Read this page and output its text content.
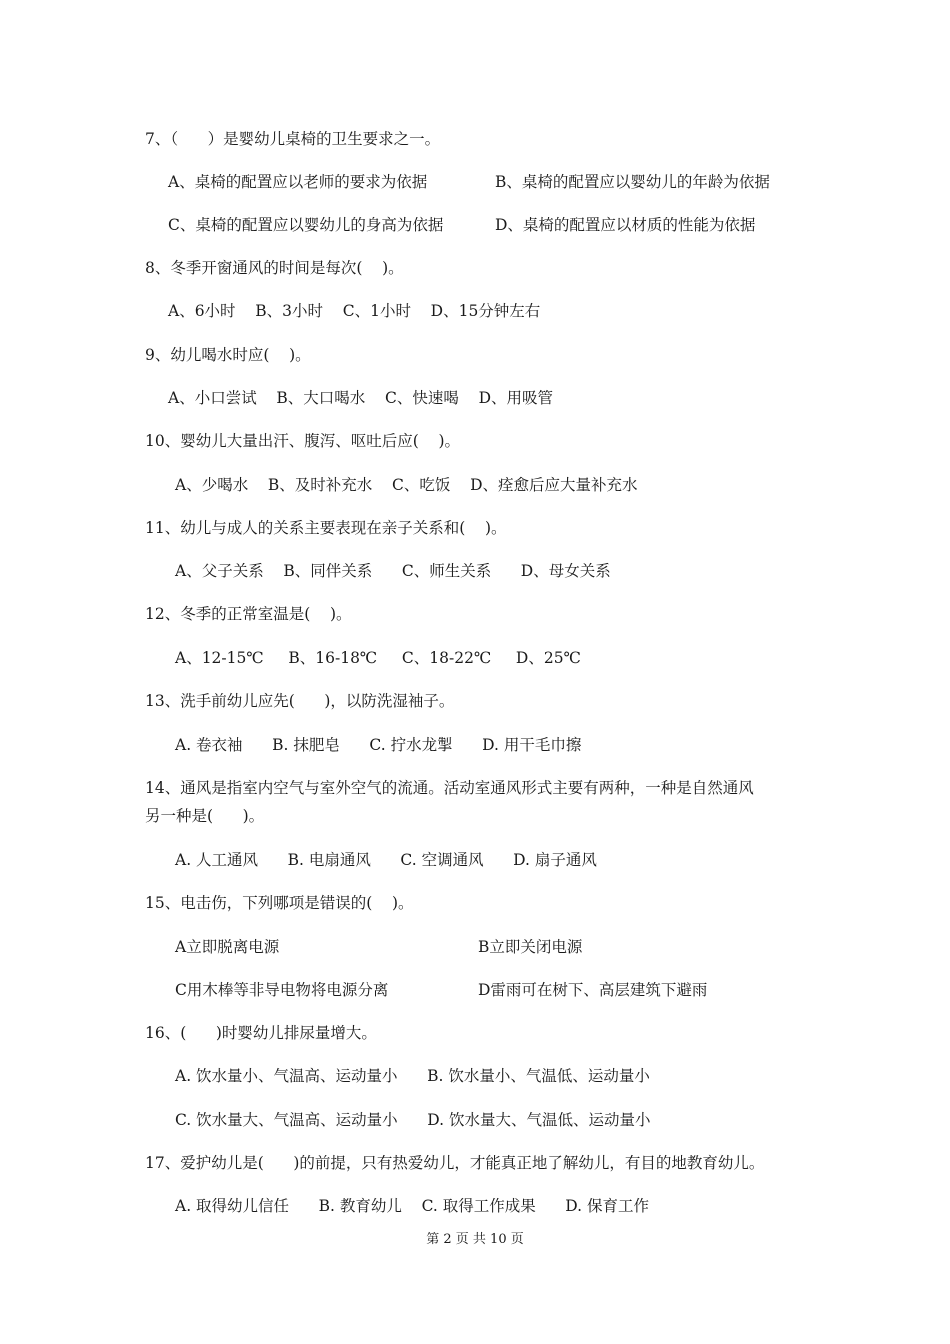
7、（      ）是婴幼儿桌椅的卫生要求之一。
A、桌椅的配置应以老师的要求为依据	B、桌椅的配置应以婴幼儿的年龄为依据
C、桌椅的配置应以婴幼儿的身高为依据	D、桌椅的配置应以材质的性能为依据
8、冬季开窗通风的时间是每次(    )。
A、6小时    B、3小时    C、1小时    D、15分钟左右
9、幼儿喝水时应(    )。
A、小口尝试    B、大口喝水    C、快速喝    D、用吸管
10、婴幼儿大量出汗、腹泻、呕吐后应(    )。
A、少喝水    B、及时补充水    C、吃饭    D、痊愈后应大量补充水
11、幼儿与成人的关系主要表现在亲子关系和(    )。
A、父子关系    B、同伴关系      C、师生关系      D、母女关系
12、冬季的正常室温是(    )。
A、12-15℃     B、16-18℃     C、18-22℃     D、25℃
13、洗手前幼儿应先(      )，以防洗湿袖子。
A. 卷衣袖      B. 抹肥皂      C. 拧水龙掣      D. 用干毛巾擦
14、通风是指室内空气与室外空气的流通。活动室通风形式主要有两种，一种是自然通风
另一种是(      )。
A. 人工通风      B. 电扇通风      C. 空调通风      D. 扇子通风
15、电击伤，下列哪项是错误的(    )。
A立即脱离电源	B立即关闭电源
C用木棒等非导电物将电源分离	D雷雨可在树下、高层建筑下避雨
16、(      )时婴幼儿排尿量增大。
A. 饮水量小、气温高、运动量小      B. 饮水量小、气温低、运动量小
C. 饮水量大、气温高、运动量小      D. 饮水量大、气温低、运动量小
17、爱护幼儿是(      )的前提，只有热爱幼儿，才能真正地了解幼儿，有目的地教育幼儿。
A. 取得幼儿信任      B. 教育幼儿    C. 取得工作成果      D. 保育工作
第 2 页 共 10 页
